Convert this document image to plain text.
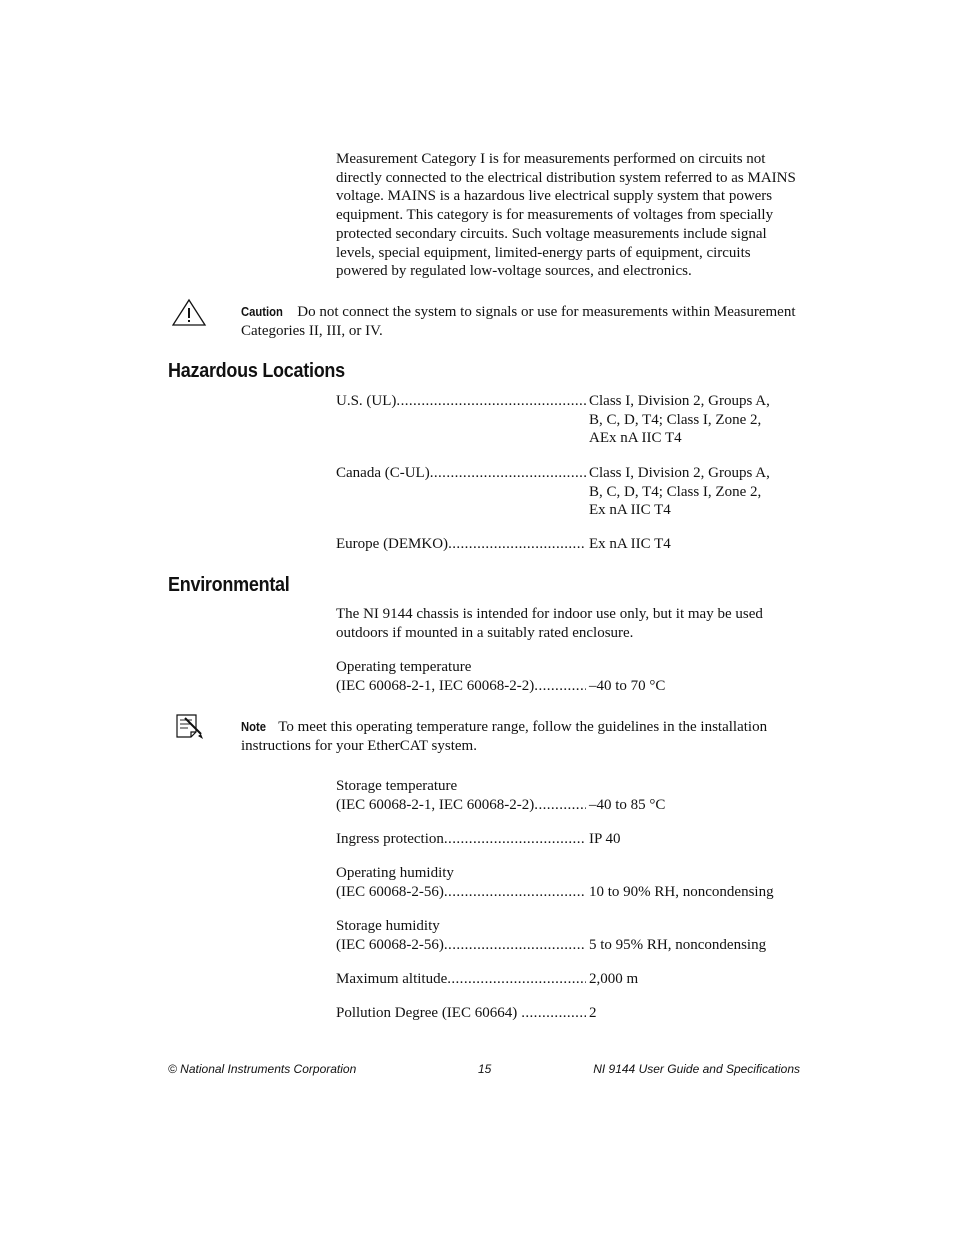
Measurement Category I is for measurements performed on circuits not directly connected to the electrical distribution system referred to as MAINS voltage. MAINS is a hazardous live electrical supply system that powers equipment. This category is for measurements of voltages from specially protected secondary circuits. Such voltage measurements include signal levels, special equipment, limited-energy parts of equipment, circuits powered by regulated low-voltage sources, and electronics.
Caution Do not connect the system to signals or use for measurements within Measurement Categories II, III, or IV.
Hazardous Locations
U.S. (UL) .....	Class I, Division 2, Groups A,
B, C, D, T4; Class I, Zone 2,
AEx nA IIC T4
Canada (C-UL) .....	Class I, Division 2, Groups A,
B, C, D, T4; Class I, Zone 2,
Ex nA IIC T4
Europe (DEMKO) .....	Ex nA IIC T4
Environmental
The NI 9144 chassis is intended for indoor use only, but it may be used outdoors if mounted in a suitably rated enclosure.
Operating temperature
(IEC 60068-2-1, IEC 60068-2-2) .....	–40 to 70 °C
Note To meet this operating temperature range, follow the guidelines in the installation instructions for your EtherCAT system.
Storage temperature
(IEC 60068-2-1, IEC 60068-2-2) .....	–40 to 85 °C
Ingress protection .....	IP 40
Operating humidity
(IEC 60068-2-56) .....	10 to 90% RH, noncondensing
Storage humidity
(IEC 60068-2-56) .....	5 to 95% RH, noncondensing
Maximum altitude .....	2,000 m
Pollution Degree (IEC 60664) .....	2
© National Instruments Corporation	15	NI 9144 User Guide and Specifications
